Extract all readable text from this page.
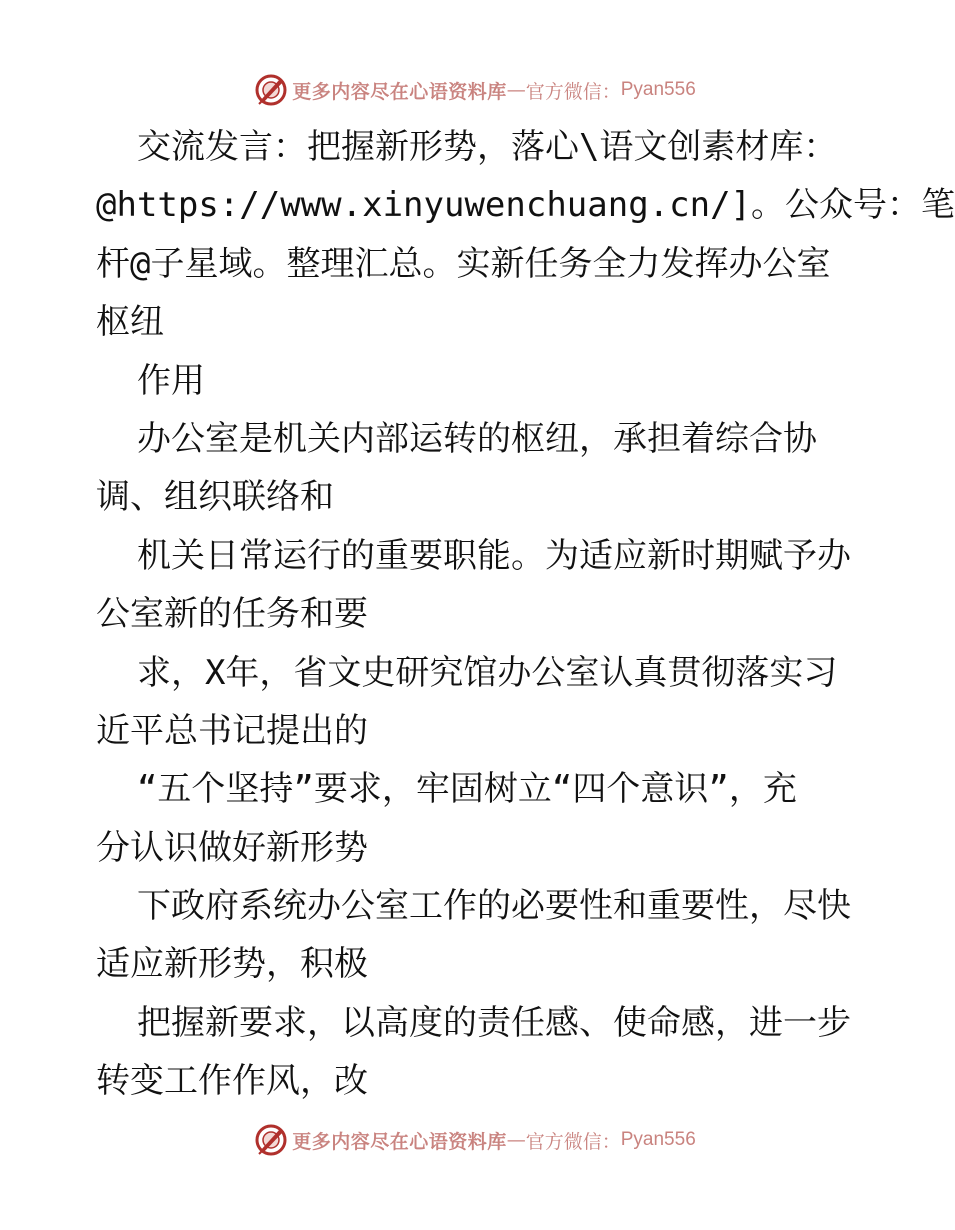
更多内容尽在心语资料库 — 官方微信： Pyan556
交流发言：把握新形势，落心\语文创素材库：
@https://www.xinyuwenchuang.cn/]。公众号：笔
杆@子星域。整理汇总。实新任务全力发挥办公室
枢纽
作用
办公室是机关内部运转的枢纽，承担着综合协
调、组织联络和
机关日常运行的重要职能。为适应新时期赋予办
公室新的任务和要
求，X年，省文史研究馆办公室认真贯彻落实习
近平总书记提出的
“五个坚持”要求，牢固树立“四个意识”，充
分认识做好新形势
下政府系统办公室工作的必要性和重要性，尽快
适应新形势，积极
把握新要求，以高度的责任感、使命感，进一步
转变工作作风，改
更多内容尽在心语资料库 — 官方微信： Pyan556
